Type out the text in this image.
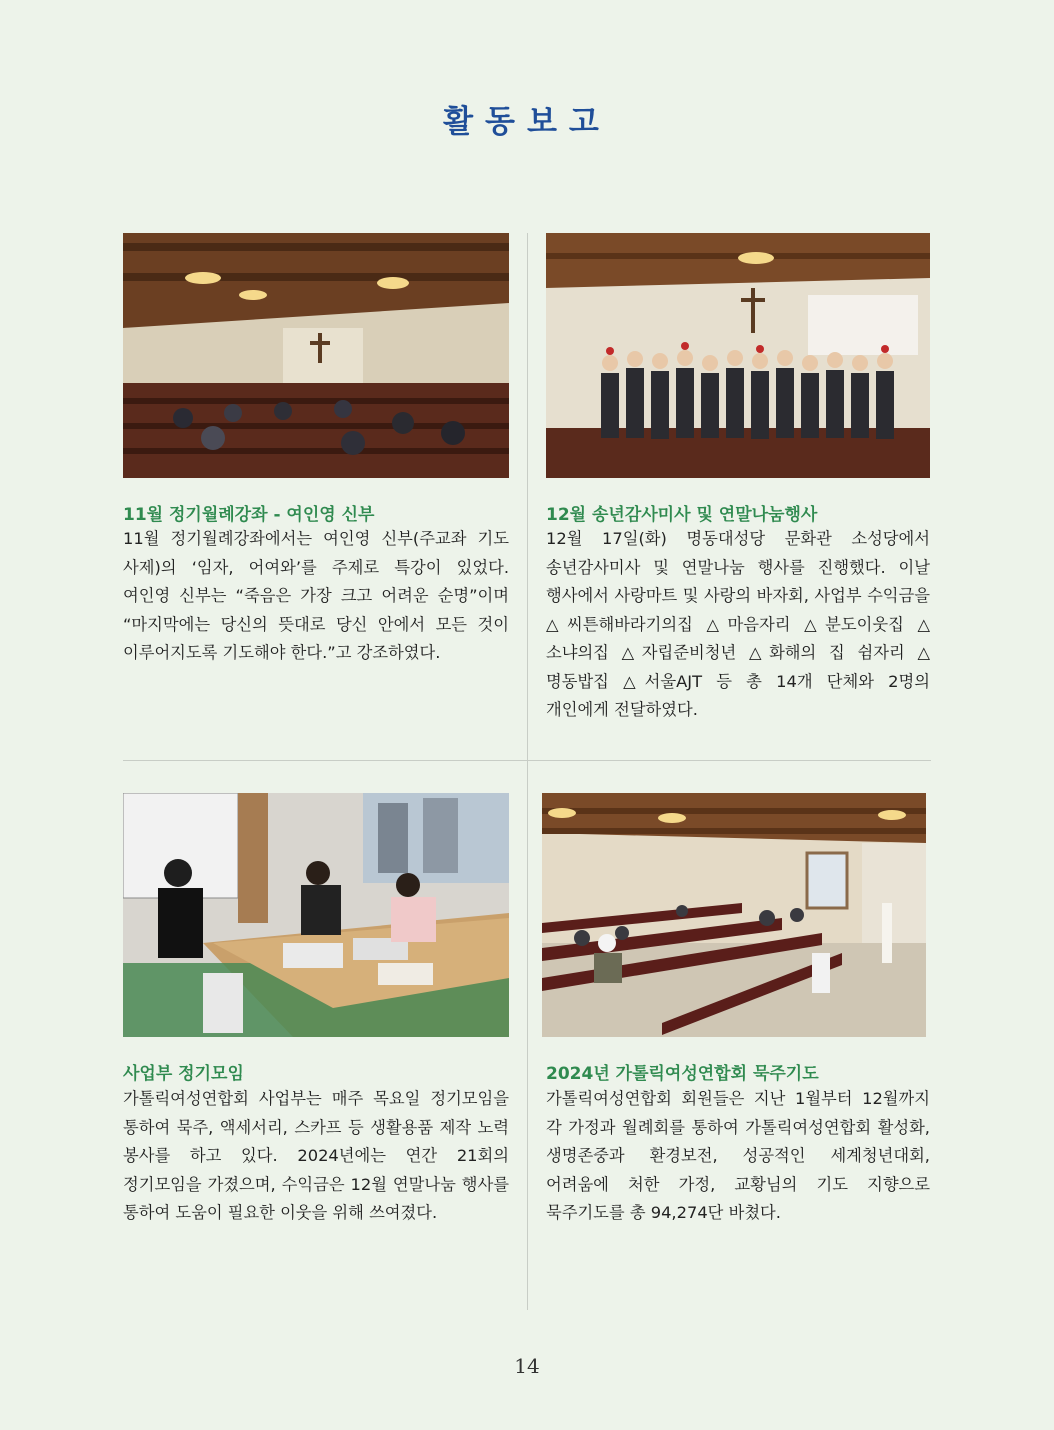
활동보고
11월 정기월례강좌 - 여인영 신부
11월 정기월례강좌에서는 여인영 신부(주교좌 기도 사제)의 ‘임자, 어여와’를 주제로 특강이 있었다. 여인영 신부는 “죽음은 가장 크고 어려운 순명”이며 “마지막에는 당신의 뜻대로 당신 안에서 모든 것이 이루어지도록 기도해야 한다.”고 강조하였다.
12월 송년감사미사 및 연말나눔행사
12월 17일(화) 명동대성당 문화관 소성당에서 송년감사미사 및 연말나눔 행사를 진행했다. 이날 행사에서 사랑마트 및 사랑의 바자회, 사업부 수익금을 △씨튼해바라기의집 △마음자리 △분도이웃집 △소냐의집 △자립준비청년 △화해의 집 쉼자리 △명동밥집 △서울AJT 등 총 14개 단체와 2명의 개인에게 전달하였다.
사업부 정기모임
가톨릭여성연합회 사업부는 매주 목요일 정기모임을 통하여 묵주, 액세서리, 스카프 등 생활용품 제작 노력 봉사를 하고 있다. 2024년에는 연간 21회의 정기모임을 가졌으며, 수익금은 12월 연말나눔 행사를 통하여 도움이 필요한 이웃을 위해 쓰여졌다.
2024년 가톨릭여성연합회 묵주기도
가톨릭여성연합회 회원들은 지난 1월부터 12월까지 각 가정과 월례회를 통하여 가톨릭여성연합회 활성화, 생명존중과 환경보전, 성공적인 세계청년대회, 어려움에 처한 가정, 교황님의 기도 지향으로 묵주기도를 총 94,274단 바쳤다.
14
